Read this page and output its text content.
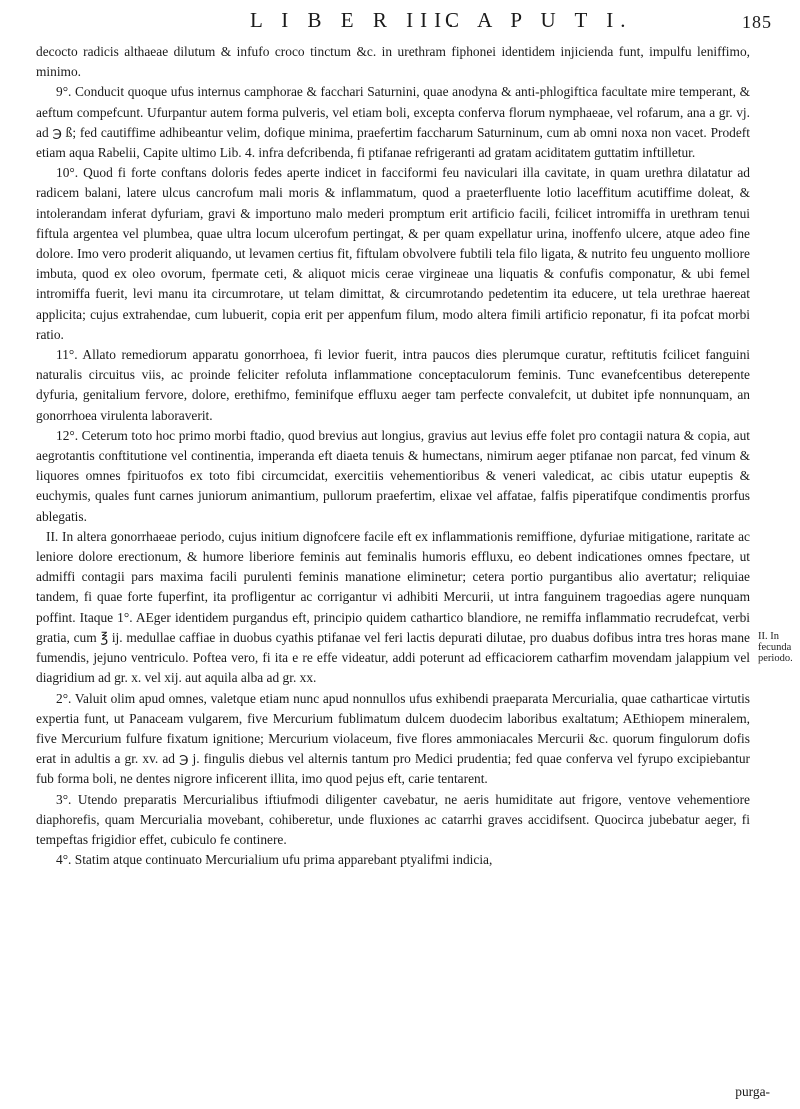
L I B E R III.
C A P U T I.	185

decocto radicis althaeae dilutum & infufo croco tinctum &c. in urethram fiphonei identidem injicienda funt, impulfu leniffimo, minimo.

9°. Conducit quoque ufus internus camphorae & facchari Saturnini, quae anodyna & anti-phlogiftica facultate mire temperant, & aeftum compefcunt. Ufurpantur autem forma pulveris, vel etiam boli, excepta conferva florum nymphaeae, vel rofarum, ana a gr. vj. ad ℈ ß; fed cautiffime adhibeantur velim, dofique minima, praefertim faccharum Saturninum, cum ab omni noxa non vacet. Prodeft etiam aqua Rabelii, Capite ultimo Lib. 4. infra defcribenda, fi ptifanae refrigeranti ad gratam aciditatem guttatim inftilletur.

10°. Quod fi forte conftans doloris fedes aperte indicet in facciformi feu naviculari illa cavitate, in quam urethra dilatatur ad radicem balani, latere ulcus cancrofum mali moris & inflammatum, quod a praeterfluente lotio laceffitum acutiffime doleat, & intolerandam inferat dyfuriam, gravi & importuno malo mederi promptum erit artificio facili, fcilicet intromiffa in urethram tenui fiftula argentea vel plumbea, quae ultra locum ulcerofum pertingat, & per quam expellatur urina, inoffenfo ulcere, atque adeo fine dolore. Imo vero proderit aliquando, ut levamen certius fit, fiftulam obvolvere fubtili tela filo ligata, & nutrito feu unguento molliore imbuta, quod ex oleo ovorum, fpermate ceti, & aliquot micis cerae virgineae una liquatis & confufis componatur, & ubi femel intromiffa fuerit, levi manu ita circumrotare, ut telam dimittat, & circumrotando pedetentim ita educere, ut tela urethrae haereat applicita; cujus extrahendae, cum lubuerit, copia erit per appenfum filum, modo altera fimili artificio reponatur, fi ita pofcat morbi ratio.

11°. Allato remediorum apparatu gonorrhoea, fi levior fuerit, intra paucos dies plerumque curatur, reftitutis fcilicet fanguini naturalis circuitus viis, ac proinde feliciter refoluta inflammatione conceptaculorum feminis. Tunc evanefcentibus deterepente dyfuria, genitalium fervore, dolore, erethifmo, feminifque effluxu aeger tam perfecte convalefcit, ut dubitet ipfe nonnunquam, an gonorrhoea virulenta laboraverit.

12°. Ceterum toto hoc primo morbi ftadio, quod brevius aut longius, gravius aut levius effe folet pro contagii natura & copia, aut aegrotantis conftitutione vel continentia, imperanda eft diaeta tenuis & humectans, nimirum aeger ptifanae non parcat, fed vinum & liquores omnes fpirituofos ex toto fibi circumcidat, exercitiis vehementioribus & veneri valedicat, ac cibis utatur eupeptis & euchymis, quales funt carnes juniorum animantium, pullorum praefertim, elixae vel affatae, falfis piperatifque condimentis prorfus ablegatis.

II. In altera gonorrhaeae periodo, cujus initium dignofcere facile eft ex inflammationis remiffione, dyfuriae mitigatione, raritate ac leniore dolore erectionum, & humore liberiore feminis aut feminalis humoris effluxu, eo debent indicationes omnes fpectare, ut admiffi contagii pars maxima facili purulenti feminis manatione eliminetur; cetera portio purgantibus alio avertatur; reliquiae tandem, fi quae forte fuperfint, ita profligentur ac corrigantur vi adhibiti Mercurii, ut intra fanguinem tragoedias agere nunquam poffint. Itaque 1°. AEger identidem purgandus eft, principio quidem cathartico blandiore, ne remiffa inflammatio recrudefcat, verbi gratia, cum ℥ ij. medullae caffiae in duobus cyathis ptifanae vel feri lactis depurati dilutae, pro duabus dofibus intra tres horas mane fumendis, jejuno ventriculo. Poftea vero, fi ita e re effe videatur, addi poterunt ad efficaciorem catharfim movendam jalappium vel diagridium ad gr. x. vel xij. aut aquila alba ad gr. xx.

2°. Valuit olim apud omnes, valetque etiam nunc apud nonnullos ufus exhibendi praeparata Mercurialia, quae catharticae virtutis expertia funt, ut Panaceam vulgarem, five Mercurium fublimatum dulcem duodecim laboribus exaltatum; AEthiopem mineralem, five Mercurium fulfure fixatum ignitione; Mercurium violaceum, five flores ammoniacales Mercurii &c. quorum fingulorum dofis erat in adultis a gr. xv. ad ℈ j. fingulis diebus vel alternis tantum pro Medici prudentia; fed quae conferva vel fyrupo excipiebantur fub forma boli, ne dentes nigrore inficerent illita, imo quod pejus eft, carie tentarent.

3°. Utendo preparatis Mercurialibus iftiufmodi diligenter cavebatur, ne aeris humiditate aut frigore, ventove vehementiore diaphorefis, quam Mercurialia movebant, cohiberetur, unde fluxiones ac catarrhi graves accidifsent. Quocirca jubebatur aeger, fi tempeftas frigidior effet, cubiculo fe continere.

4°. Statim atque continuato Mercurialium ufu prima apparebant ptyalifmi indicia,

II. In fecunda periodo.
purga-
